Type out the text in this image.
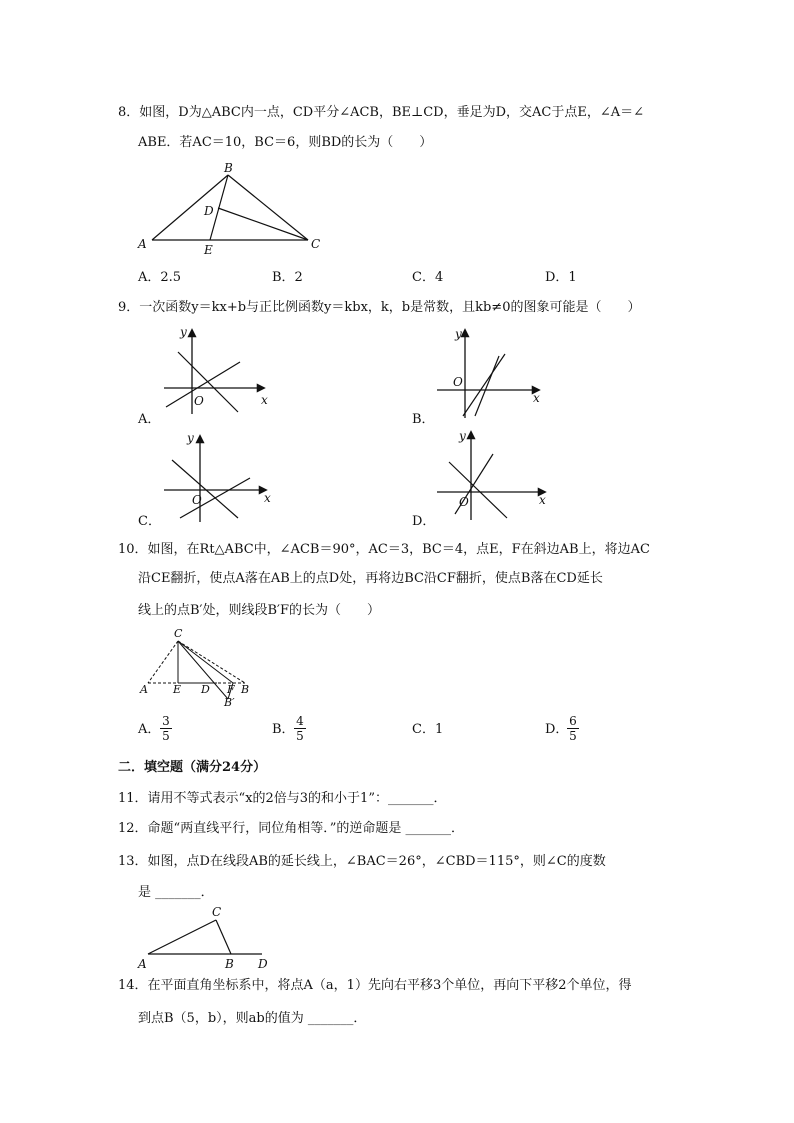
8．如图，D为△ABC内一点，CD平分∠ACB，BE⊥CD，垂足为D，交AC于点E，∠A＝∠
ABE．若AC＝10，BC＝6，则BD的长为（　　）
A
B
C
D
E
A．2.5	B．2	C．4	D．1
9．一次函数y＝kx+b与正比例函数y＝kbx，k，b是常数，且kb≠0的图象可能是（　　）
y
x
O
A．
y
x
O
B．
y
x
O
C．
y
x
O
D．
10．如图，在Rt△ABC中，∠ACB＝90°，AC＝3，BC＝4，点E，F在斜边AB上，将边AC
沿CE翻折，使点A落在AB上的点D处，再将边BC沿CF翻折，使点B落在CD延长
线上的点B′处，则线段B′F的长为（　　）
C
A E D F B
B′
A．
3
5	B．
4
5	C．1	D．
6
5
二．填空题（满分24分）
11．请用不等式表示“x的2倍与3的和小于1”：_______．
12．命题“两直线平行，同位角相等．”的逆命题是 _______．
13．如图，点D在线段AB的延长线上，∠BAC＝26°，∠CBD＝115°，则∠C的度数
是 _______．
A	B
C
D
14．在平面直角坐标系中，将点A（a，1）先向右平移3个单位，再向下平移2个单位，得
到点B（5，b），则ab的值为 _______．
